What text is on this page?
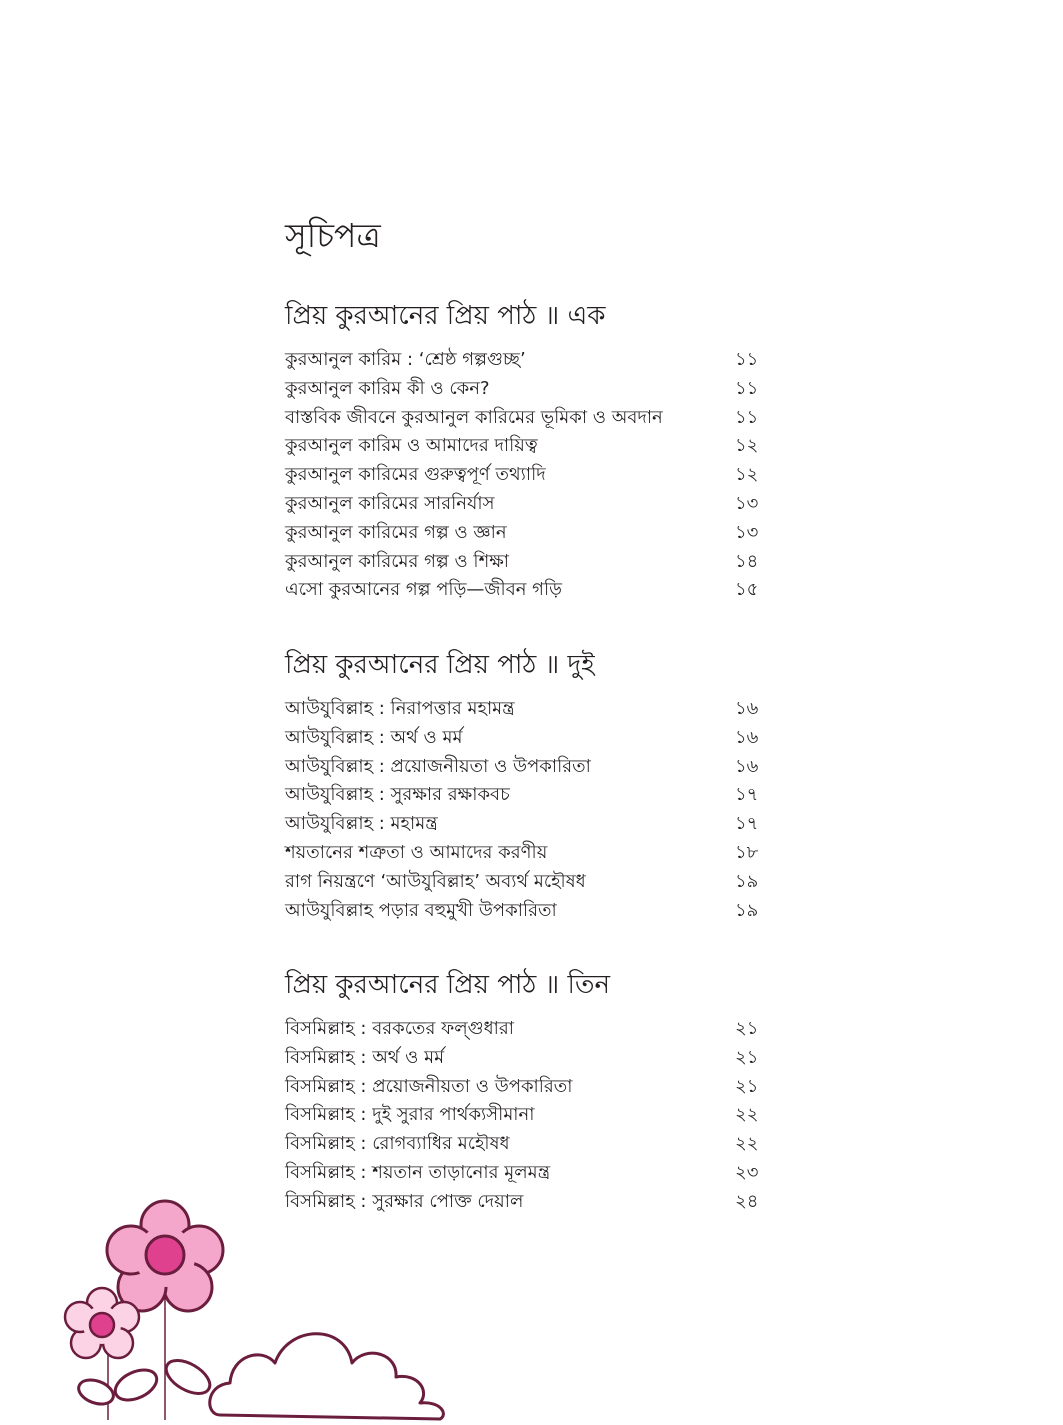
সূচিপত্র
প্রিয় কুরআনের প্রিয় পাঠ ॥ এক
কুরআনুল কারিম : ‘শ্রেষ্ঠ গল্পগুচ্ছ’	১১
কুরআনুল কারিম কী ও কেন?	১১
বাস্তবিক জীবনে কুরআনুল কারিমের ভূমিকা ও অবদান	১১
কুরআনুল কারিম ও আমাদের দায়িত্ব	১২
কুরআনুল কারিমের গুরুত্বপূর্ণ তথ্যাদি	১২
কুরআনুল কারিমের সারনির্যাস	১৩
কুরআনুল কারিমের গল্প ও জ্ঞান	১৩
কুরআনুল কারিমের গল্প ও শিক্ষা	১৪
এসো কুরআনের গল্প পড়ি—জীবন গড়ি	১৫
প্রিয় কুরআনের প্রিয় পাঠ ॥ দুই
আউযুবিল্লাহ : নিরাপত্তার মহামন্ত্র	১৬
আউযুবিল্লাহ : অর্থ ও মর্ম	১৬
আউযুবিল্লাহ : প্রয়োজনীয়তা ও উপকারিতা	১৬
আউযুবিল্লাহ : সুরক্ষার রক্ষাকবচ	১৭
আউযুবিল্লাহ : মহামন্ত্র	১৭
শয়তানের শত্রুতা ও আমাদের করণীয়	১৮
রাগ নিয়ন্ত্রণে ‘আউযুবিল্লাহ’ অব্যর্থ মহৌষধ	১৯
আউযুবিল্লাহ পড়ার বহুমুখী উপকারিতা	১৯
প্রিয় কুরআনের প্রিয় পাঠ ॥ তিন
বিসমিল্লাহ : বরকতের ফল্গুধারা	২১
বিসমিল্লাহ : অর্থ ও মর্ম	২১
বিসমিল্লাহ : প্রয়োজনীয়তা ও উপকারিতা	২১
বিসমিল্লাহ : দুই সুরার পার্থক্যসীমানা	২২
বিসমিল্লাহ : রোগব্যাধির মহৌষধ	২২
বিসমিল্লাহ : শয়তান তাড়ানোর মূলমন্ত্র	২৩
বিসমিল্লাহ : সুরক্ষার পোক্ত দেয়াল	২৪
